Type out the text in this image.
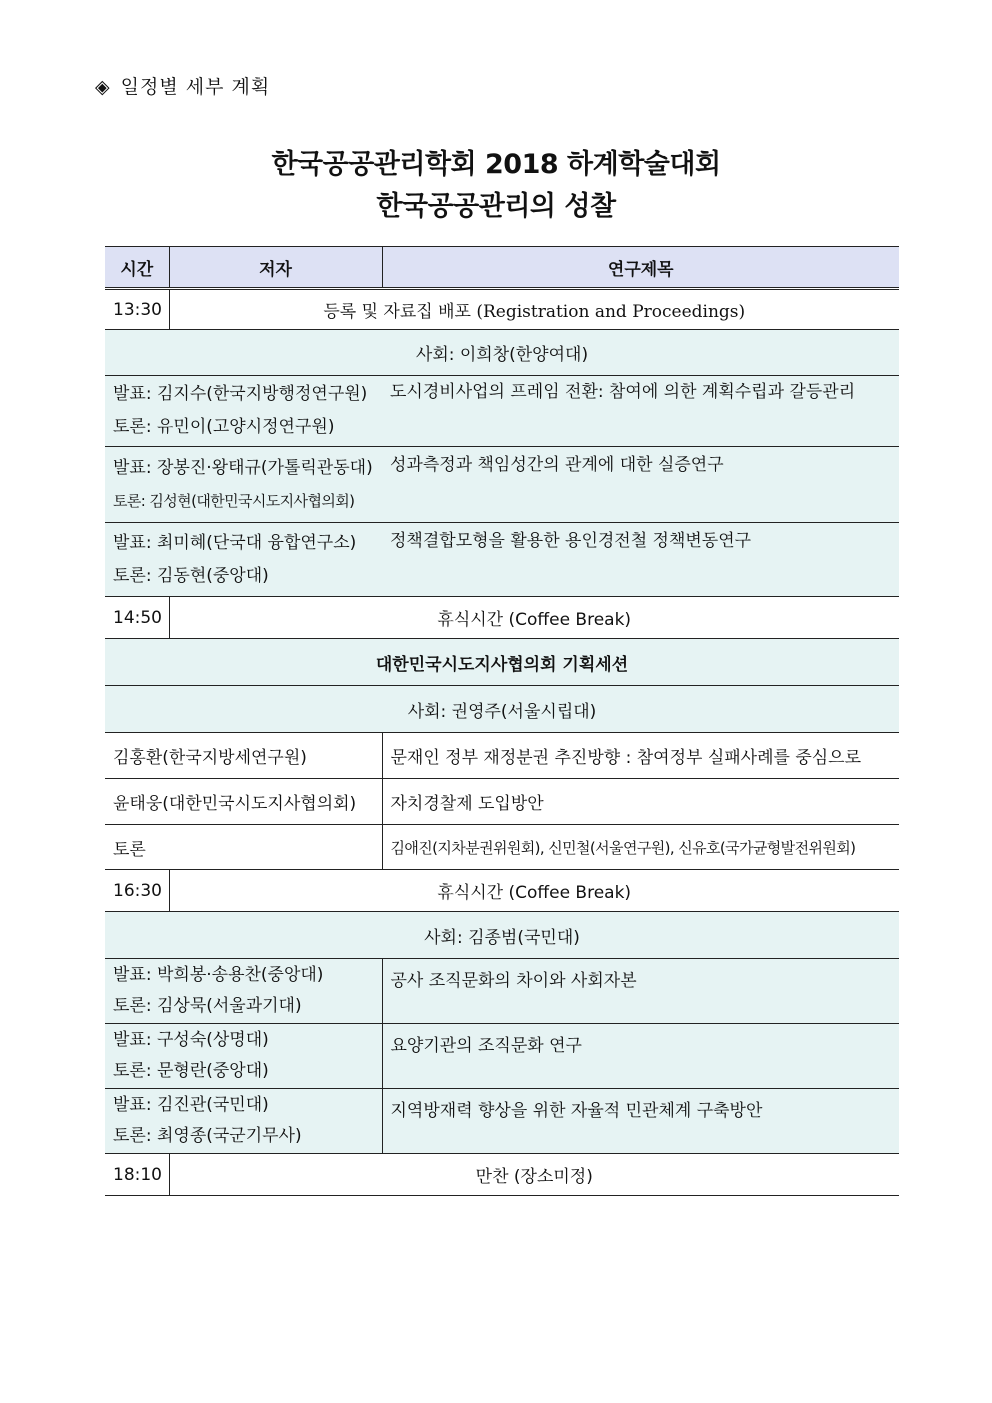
◈ 일정별 세부 계획
한국공공관리학회 2018 하계학술대회
한국공공관리의 성찰
시간	저자	연구제목
13:30	등록 및 자료집 배포 (Registration and Proceedings)	
사회: 이희창(한양여대)		

발표: 김지수(한국지방행정연구원)
토론: 유민이(고양시정연구원)		도시경비사업의 프레임 전환: 참여에 의한 계획수립과 갈등관리

발표: 장봉진·왕태규(가톨릭관동대)
토론: 김성현(대한민국시도지사협의회)		성과측정과 책임성간의 관계에 대한 실증연구

발표: 최미혜(단국대 융합연구소)
토론: 김동현(중앙대)		정책결합모형을 활용한 용인경전철 정책변동연구
14:50	휴식시간 (Coffee Break)	
대한민국시도지사협의회 기획세션		
사회: 권영주(서울시립대)		
김홍환(한국지방세연구원)		문재인 정부 재정분권 추진방향 : 참여정부 실패사례를 중심으로
윤태웅(대한민국시도지사협의회)		자치경찰제 도입방안
토론		김애진(지차분권위원회), 신민철(서울연구원), 신유호(국가균형발전위원회)
16:30	휴식시간 (Coffee Break)	
사회: 김종범(국민대)		

발표: 박희봉·송용찬(중앙대)
토론: 김상묵(서울과기대)		공사 조직문화의 차이와 사회자본

발표: 구성숙(상명대)
토론: 문형란(중앙대)		요양기관의 조직문화 연구

발표: 김진관(국민대)
토론: 최영종(국군기무사)		지역방재력 향상을 위한 자율적 민관체계 구축방안
18:10	만찬 (장소미정)	
